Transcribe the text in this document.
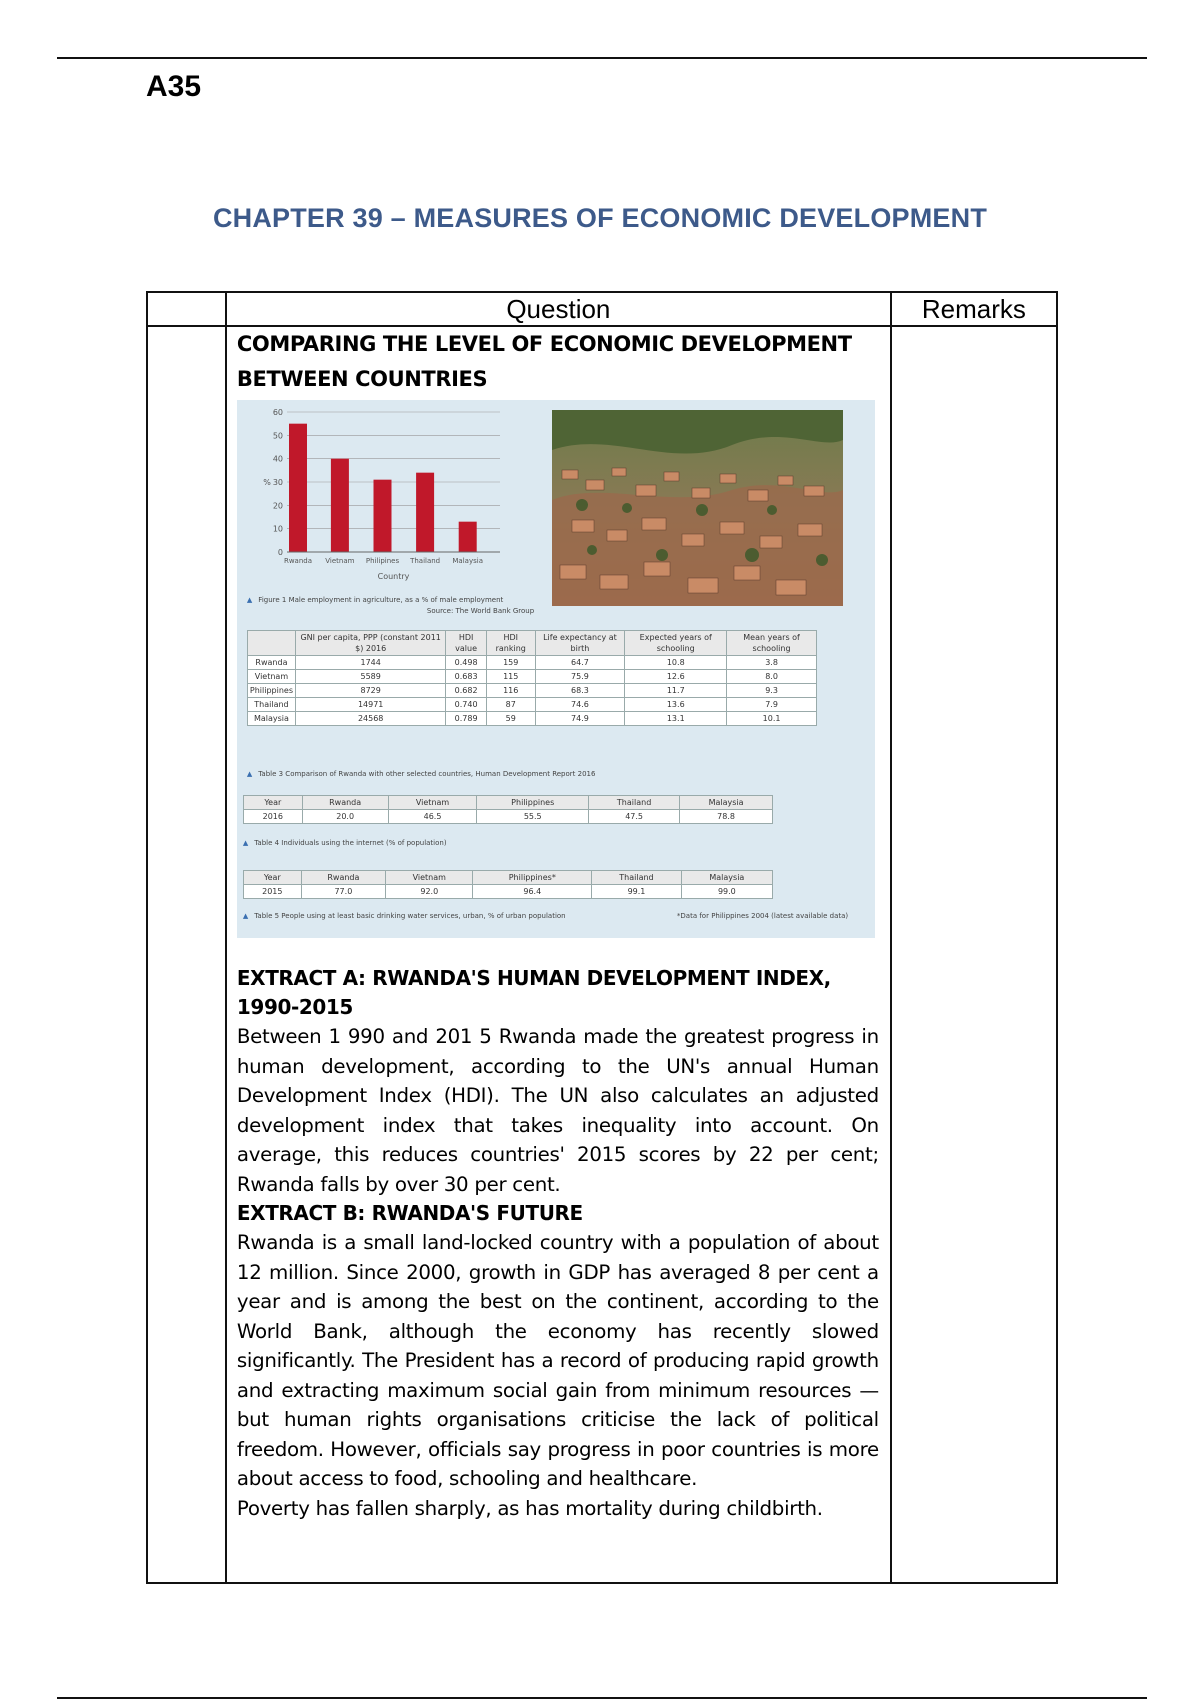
A35
CHAPTER 39 – MEASURES OF ECONOMIC DEVELOPMENT
	Question	Remarks

COMPARING THE LEVEL OF ECONOMIC DEVELOPMENT BETWEEN COUNTRIES
0
10
20
30
40
50
60
%
Rwanda Vietnam Philipines Thailand Malaysia
Country
▲ Figure 1 Male employment in agriculture, as a % of male employment
Source: The World Bank Group
	GNI per capita, PPP (constant 2011 $) 2016	HDI value	HDI ranking	Life expectancy at birth	Expected years of schooling	Mean years of schooling
Rwanda	1744	0.498	159	64.7	10.8	3.8
Vietnam	5589	0.683	115	75.9	12.6	8.0
Philippines	8729	0.682	116	68.3	11.7	9.3
Thailand	14971	0.740	87	74.6	13.6	7.9
Malaysia	24568	0.789	59	74.9	13.1	10.1
▲ Table 3 Comparison of Rwanda with other selected countries, Human Development Report 2016
Year	Rwanda	Vietnam	Philippines	Thailand	Malaysia
2016	20.0	46.5	55.5	47.5	78.8
▲ Table 4 Individuals using the internet (% of population)
Year	Rwanda	Vietnam	Philippines*	Thailand	Malaysia
2015	77.0	92.0	96.4	99.1	99.0
▲ Table 5 People using at least basic drinking water services, urban, % of urban population	*Data for Philippines 2004 (latest available data)
EXTRACT A: RWANDA'S HUMAN DEVELOPMENT INDEX, 1990-2015
Between 1 990 and 201 5 Rwanda made the greatest progress in human development, according to the UN's annual Human Development Index (HDI). The UN also calculates an adjusted development index that takes inequality into account. On average, this reduces countries' 2015 scores by 22 per cent; Rwanda falls by over 30 per cent.
EXTRACT B: RWANDA'S FUTURE
Rwanda is a small land-locked country with a population of about 12 million. Since 2000, growth in GDP has averaged 8 per cent a year and is among the best on the continent, according to the World Bank, although the economy has recently slowed significantly. The President has a record of producing rapid growth and extracting maximum social gain from minimum resources — but human rights organisations criticise the lack of political freedom. However, officials say progress in poor countries is more about access to food, schooling and healthcare.
Poverty has fallen sharply, as has mortality during childbirth.
